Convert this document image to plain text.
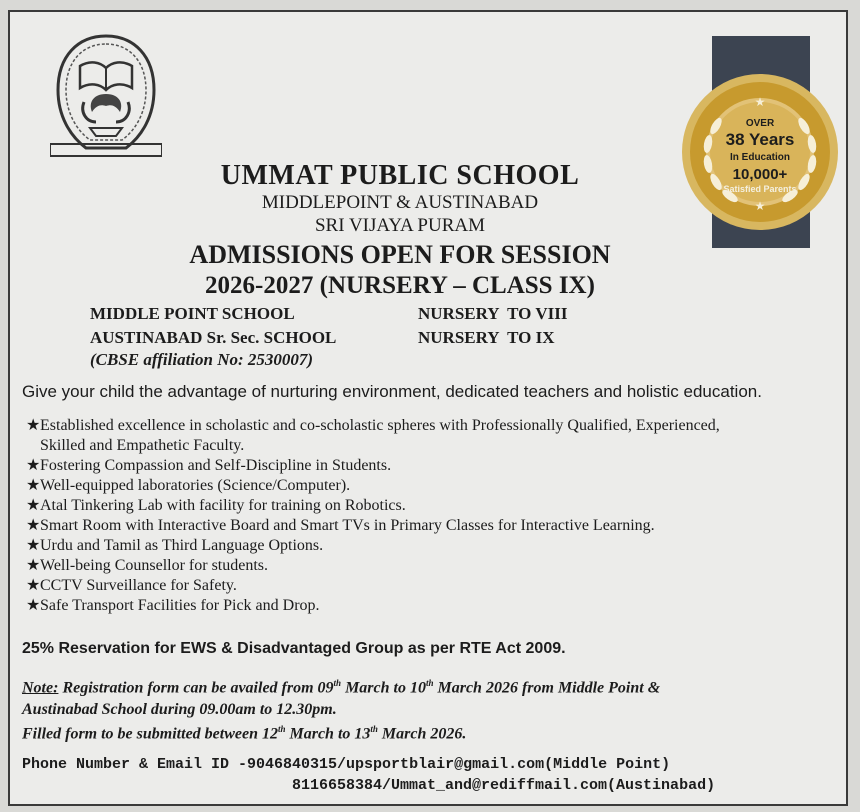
★
★
OVER
38 Years
In Education
10,000+
Satisfied Parents
UMMAT PUBLIC SCHOOL
MIDDLEPOINT & AUSTINABAD
SRI VIJAYA PURAM
ADMISSIONS OPEN FOR SESSION
2026-2027 (NURSERY – CLASS IX)
MIDDLE POINT SCHOOL	NURSERY  TO VIII
AUSTINABAD Sr. Sec. SCHOOL	NURSERY  TO IX
(CBSE affiliation No: 2530007)
Give your child the advantage of nurturing environment, dedicated teachers and holistic education.
★ Established excellence in scholastic and co-scholastic spheres with Professionally Qualified, Experienced,
Skilled and Empathetic Faculty.
★ Fostering Compassion and Self-Discipline in Students.
★ Well-equipped laboratories (Science/Computer).
★ Atal Tinkering Lab with facility for training on Robotics.
★ Smart Room with Interactive Board and Smart TVs in Primary Classes for Interactive Learning.
★ Urdu and Tamil as Third Language Options.
★ Well-being Counsellor for students.
★ CCTV Surveillance for Safety.
★ Safe Transport Facilities for Pick and Drop.
25% Reservation for EWS & Disadvantaged Group as per RTE Act 2009.
Note: Registration form can be availed from 09th March to 10th March 2026 from Middle Point &
Austinabad School during 09.00am to 12.30pm.
Filled form to be submitted between 12th March to 13th March 2026.
Phone Number & Email ID -9046840315/upsportblair@gmail.com(Middle Point)
8116658384/Ummat_and@rediffmail.com(Austinabad)
